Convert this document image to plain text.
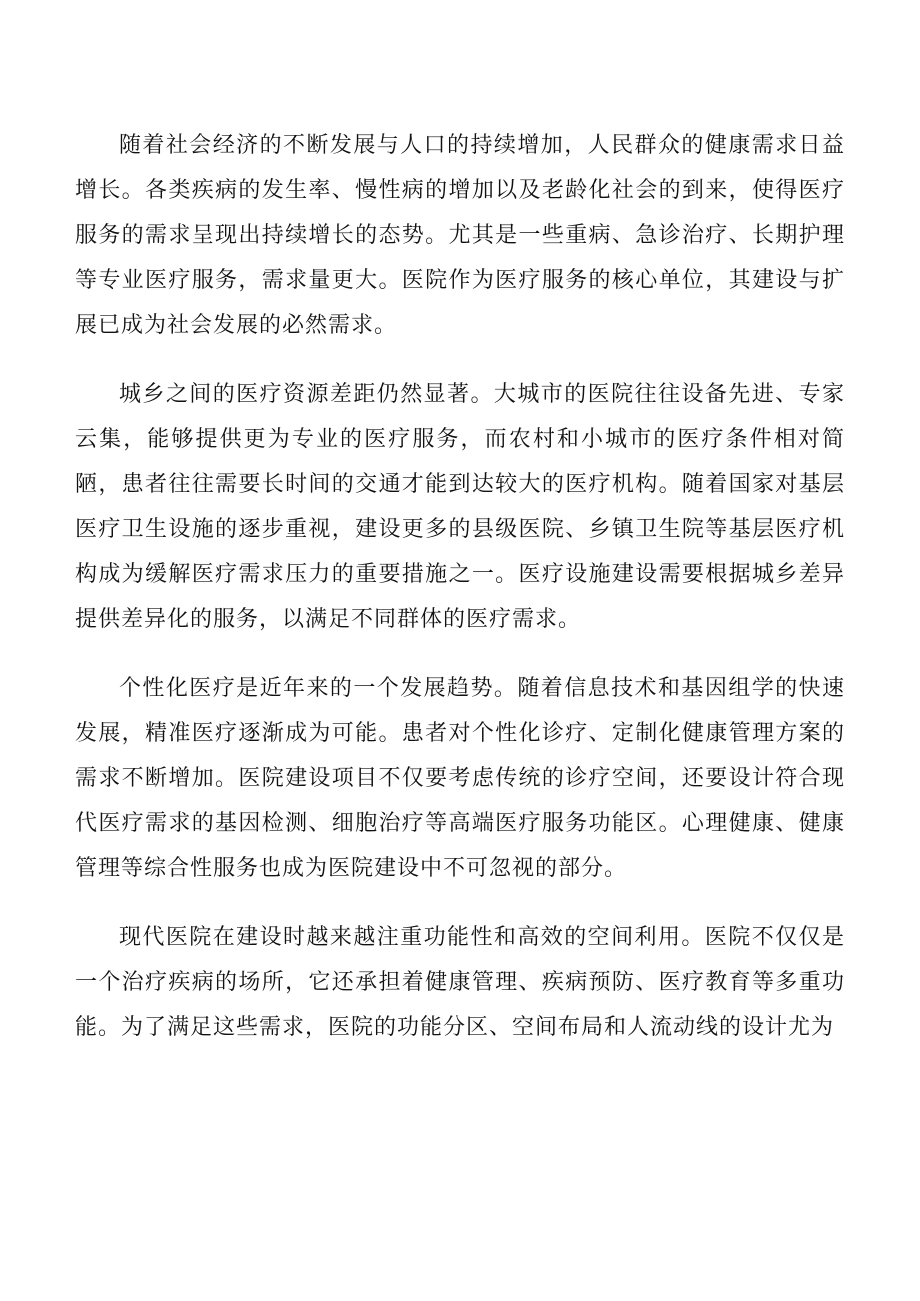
随着社会经济的不断发展与人口的持续增加，人民群众的健康需求日益增长。各类疾病的发生率、慢性病的增加以及老龄化社会的到来，使得医疗服务的需求呈现出持续增长的态势。尤其是一些重病、急诊治疗、长期护理等专业医疗服务，需求量更大。医院作为医疗服务的核心单位，其建设与扩展已成为社会发展的必然需求。

城乡之间的医疗资源差距仍然显著。大城市的医院往往设备先进、专家云集，能够提供更为专业的医疗服务，而农村和小城市的医疗条件相对简陋，患者往往需要长时间的交通才能到达较大的医疗机构。随着国家对基层医疗卫生设施的逐步重视，建设更多的县级医院、乡镇卫生院等基层医疗机构成为缓解医疗需求压力的重要措施之一。医疗设施建设需要根据城乡差异提供差异化的服务，以满足不同群体的医疗需求。

个性化医疗是近年来的一个发展趋势。随着信息技术和基因组学的快速发展，精准医疗逐渐成为可能。患者对个性化诊疗、定制化健康管理方案的需求不断增加。医院建设项目不仅要考虑传统的诊疗空间，还要设计符合现代医疗需求的基因检测、细胞治疗等高端医疗服务功能区。心理健康、健康管理等综合性服务也成为医院建设中不可忽视的部分。

现代医院在建设时越来越注重功能性和高效的空间利用。医院不仅仅是一个治疗疾病的场所，它还承担着健康管理、疾病预防、医疗教育等多重功能。为了满足这些需求，医院的功能分区、空间布局和人流动线的设计尤为
